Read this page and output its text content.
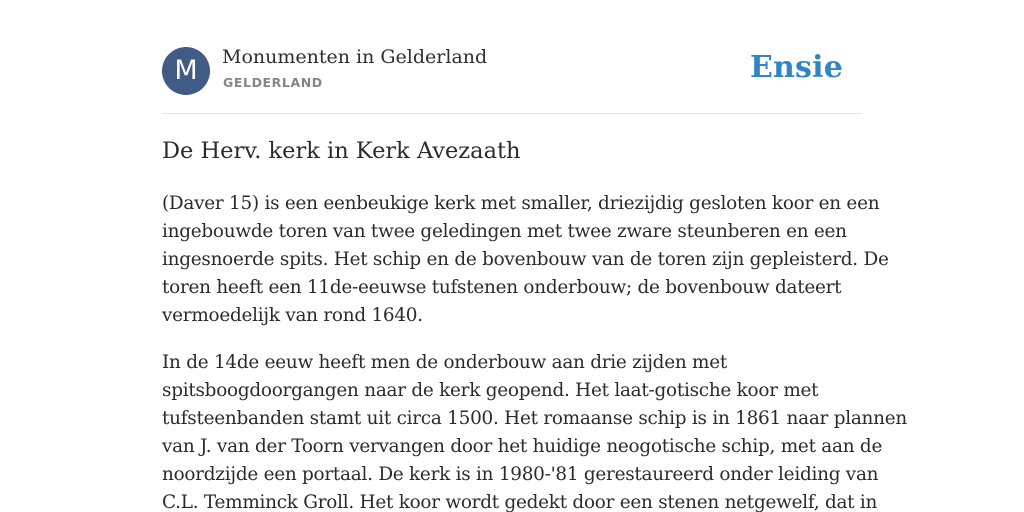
M	Monumenten in Gelderland
GELDERLAND	Ensie
De Herv. kerk in Kerk Avezaath

(Daver 15) is een eenbeukige kerk met smaller, driezijdig gesloten koor en een
ingebouwde toren van twee geledingen met twee zware steunberen en een
ingesnoerde spits. Het schip en de bovenbouw van de toren zijn gepleisterd. De
toren heeft een 11de-eeuwse tufstenen onderbouw; de bovenbouw dateert
vermoedelijk van rond 1640.

In de 14de eeuw heeft men de onderbouw aan drie zijden met
spitsboogdoorgangen naar de kerk geopend. Het laat-gotische koor met
tufsteenbanden stamt uit circa 1500. Het romaanse schip is in 1861 naar plannen
van J. van der Toorn vervangen door het huidige neogotische schip, met aan de
noordzijde een portaal. De kerk is in 1980-'81 gerestaureerd onder leiding van
C.L. Temminck Groll. Het koor wordt gedekt door een stenen netgewelf, dat in
